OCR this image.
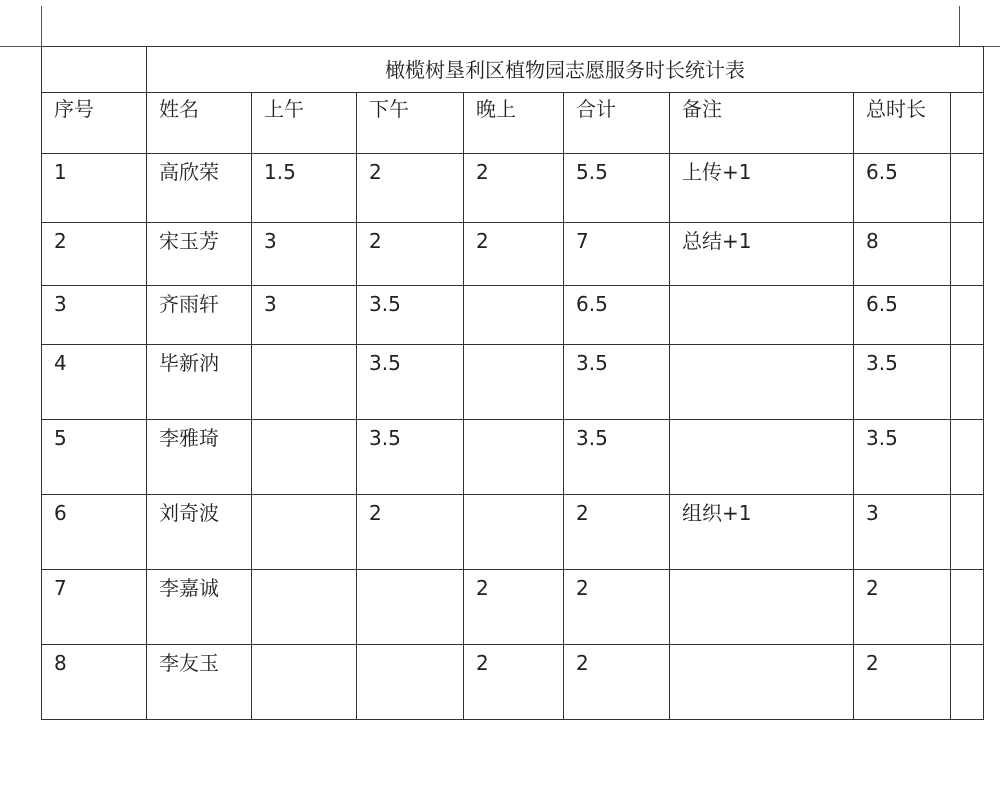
	橄榄树垦利区植物园志愿服务时长统计表							
序号	姓名	上午	下午	晚上	合计	备注	总时长	
1	高欣荣	1.5	2	2	5.5	上传+1	6.5	
2	宋玉芳	3	2	2	7	总结+1	8	
3	齐雨轩	3	3.5		6.5		6.5	
4	毕新汭		3.5		3.5		3.5	
5	李雅琦		3.5		3.5		3.5	
6	刘奇波		2		2	组织+1	3	
7	李嘉诚			2	2		2	
8	李友玉			2	2		2	
